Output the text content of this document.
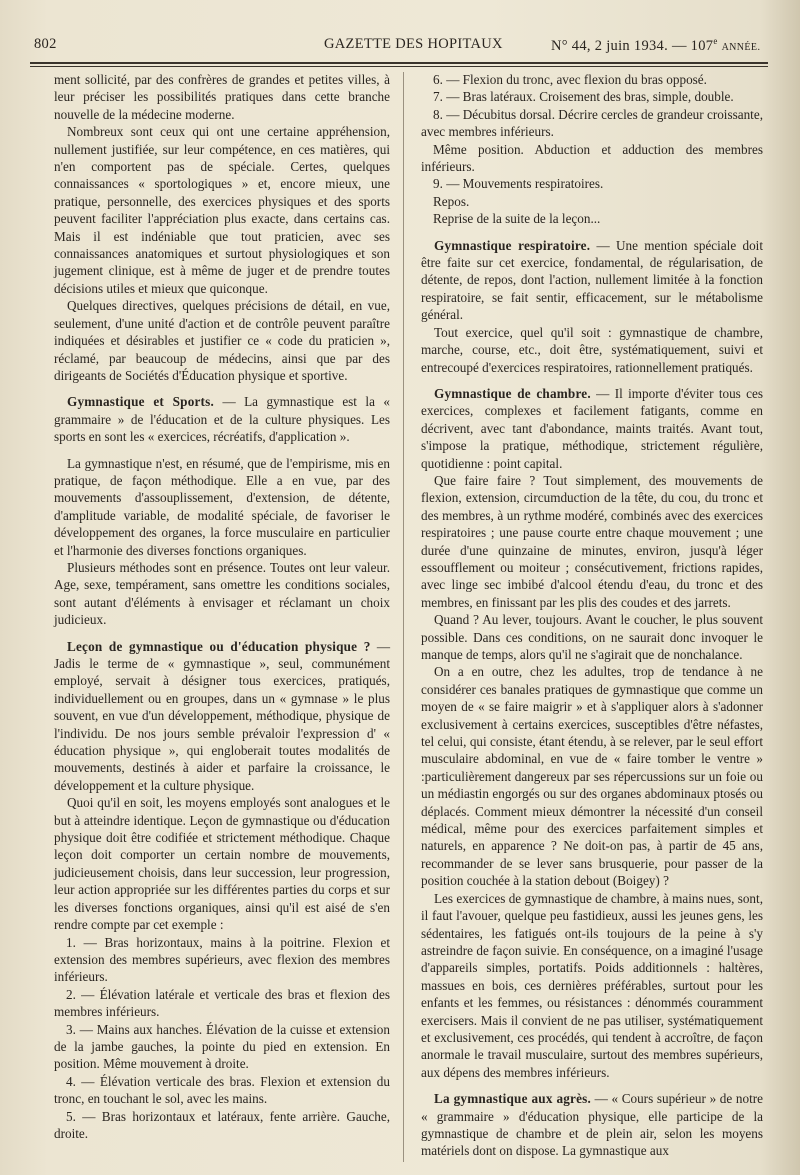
802	GAZETTE DES HOPITAUX	N° 44, 2 juin 1934. — 107e ANNÉE.

ment sollicité, par des confrères de grandes et petites villes, à leur préciser les possibilités pratiques dans cette branche nouvelle de la médecine moderne.

Nombreux sont ceux qui ont une certaine appréhension, nullement justifiée, sur leur compétence, en ces matières, qui n'en comportent pas de spéciale. Certes, quelques connaissances « sportologiques » et, encore mieux, une pratique, personnelle, des exercices physiques et des sports peuvent faciliter l'appréciation plus exacte, dans certains cas. Mais il est indéniable que tout praticien, avec ses connaissances anatomiques et surtout physiologiques et son jugement clinique, est à même de juger et de prendre toutes décisions utiles et mieux que quiconque.

Quelques directives, quelques précisions de détail, en vue, seulement, d'une unité d'action et de contrôle peuvent paraître indiquées et désirables et justifier ce « code du praticien », réclamé, par beaucoup de médecins, ainsi que par des dirigeants de Sociétés d'Éducation physique et sportive.

Gymnastique et Sports. — La gymnastique est la « grammaire » de l'éducation et de la culture physiques. Les sports en sont les « exercices, récréatifs, d'application ».

La gymnastique n'est, en résumé, que de l'empirisme, mis en pratique, de façon méthodique. Elle a en vue, par des mouvements d'assouplissement, d'extension, de détente, d'amplitude variable, de modalité spéciale, de favoriser le développement des organes, la force musculaire en particulier et l'harmonie des diverses fonctions organiques.

Plusieurs méthodes sont en présence. Toutes ont leur valeur. Age, sexe, tempérament, sans omettre les conditions sociales, sont autant d'éléments à envisager et réclamant un choix judicieux.

Leçon de gymnastique ou d'éducation physique ? — Jadis le terme de « gymnastique », seul, communément employé, servait à désigner tous exercices, pratiqués, individuellement ou en groupes, dans un « gymnase » le plus souvent, en vue d'un développement, méthodique, physique de l'individu. De nos jours semble prévaloir l'expression d' « éducation physique », qui engloberait toutes modalités de mouvements, destinés à aider et parfaire la croissance, le développement et la culture physique.

Quoi qu'il en soit, les moyens employés sont analogues et le but à atteindre identique. Leçon de gymnastique ou d'éducation physique doit être codifiée et strictement méthodique. Chaque leçon doit comporter un certain nombre de mouvements, judicieusement choisis, dans leur succession, leur progression, leur action appropriée sur les différentes parties du corps et sur les diverses fonctions organiques, ainsi qu'il est aisé de s'en rendre compte par cet exemple :

1. — Bras horizontaux, mains à la poitrine. Flexion et extension des membres supérieurs, avec flexion des membres inférieurs.

2. — Élévation latérale et verticale des bras et flexion des membres inférieurs.

3. — Mains aux hanches. Élévation de la cuisse et extension de la jambe gauches, la pointe du pied en extension. En position. Même mouvement à droite.

4. — Élévation verticale des bras. Flexion et extension du tronc, en touchant le sol, avec les mains.

5. — Bras horizontaux et latéraux, fente arrière. Gauche, droite.

6. — Flexion du tronc, avec flexion du bras opposé.

7. — Bras latéraux. Croisement des bras, simple, double.

8. — Décubitus dorsal. Décrire cercles de grandeur croissante, avec membres inférieurs.

Même position. Abduction et adduction des membres inférieurs.

9. — Mouvements respiratoires.

Repos.

Reprise de la suite de la leçon...

Gymnastique respiratoire. — Une mention spéciale doit être faite sur cet exercice, fondamental, de régularisation, de détente, de repos, dont l'action, nullement limitée à la fonction respiratoire, se fait sentir, efficacement, sur le métabolisme général.

Tout exercice, quel qu'il soit : gymnastique de chambre, marche, course, etc., doit être, systématiquement, suivi et entrecoupé d'exercices respiratoires, rationnellement pratiqués.

Gymnastique de chambre. — Il importe d'éviter tous ces exercices, complexes et facilement fatigants, comme en décrivent, avec tant d'abondance, maints traités. Avant tout, s'impose la pratique, méthodique, strictement régulière, quotidienne : point capital.

Que faire faire ? Tout simplement, des mouvements de flexion, extension, circumduction de la tête, du cou, du tronc et des membres, à un rythme modéré, combinés avec des exercices respiratoires ; une pause courte entre chaque mouvement ; une durée d'une quinzaine de minutes, environ, jusqu'à léger essoufflement ou moiteur ; consécutivement, frictions rapides, avec linge sec imbibé d'alcool étendu d'eau, du tronc et des membres, en finissant par les plis des coudes et des jarrets.

Quand ? Au lever, toujours. Avant le coucher, le plus souvent possible. Dans ces conditions, on ne saurait donc invoquer le manque de temps, alors qu'il ne s'agirait que de nonchalance.

On a en outre, chez les adultes, trop de tendance à ne considérer ces banales pratiques de gymnastique que comme un moyen de « se faire maigrir » et à s'appliquer alors à s'adonner exclusivement à certains exercices, susceptibles d'être néfastes, tel celui, qui consiste, étant étendu, à se relever, par le seul effort musculaire abdominal, en vue de « faire tomber le ventre » :particulièrement dangereux par ses répercussions sur un foie ou un médiastin engorgés ou sur des organes abdominaux ptosés ou déplacés. Comment mieux démontrer la nécessité d'un conseil médical, même pour des exercices parfaitement simples et naturels, en apparence ? Ne doit-on pas, à partir de 45 ans, recommander de se lever sans brusquerie, pour passer de la position couchée à la station debout (Boigey) ?

Les exercices de gymnastique de chambre, à mains nues, sont, il faut l'avouer, quelque peu fastidieux, aussi les jeunes gens, les sédentaires, les fatigués ont-ils toujours de la peine à s'y astreindre de façon suivie. En conséquence, on a imaginé l'usage d'appareils simples, portatifs. Poids additionnels : haltères, massues en bois, ces dernières préférables, surtout pour les enfants et les femmes, ou résistances : dénommés couramment exercisers. Mais il convient de ne pas utiliser, systématiquement et exclusivement, ces procédés, qui tendent à accroître, de façon anormale le travail musculaire, surtout des membres supérieurs, aux dépens des membres inférieurs.

La gymnastique aux agrès. — « Cours supérieur » de notre « grammaire » d'éducation physique, elle participe de la gymnastique de chambre et de plein air, selon les moyens matériels dont on dispose. La gymnastique aux
